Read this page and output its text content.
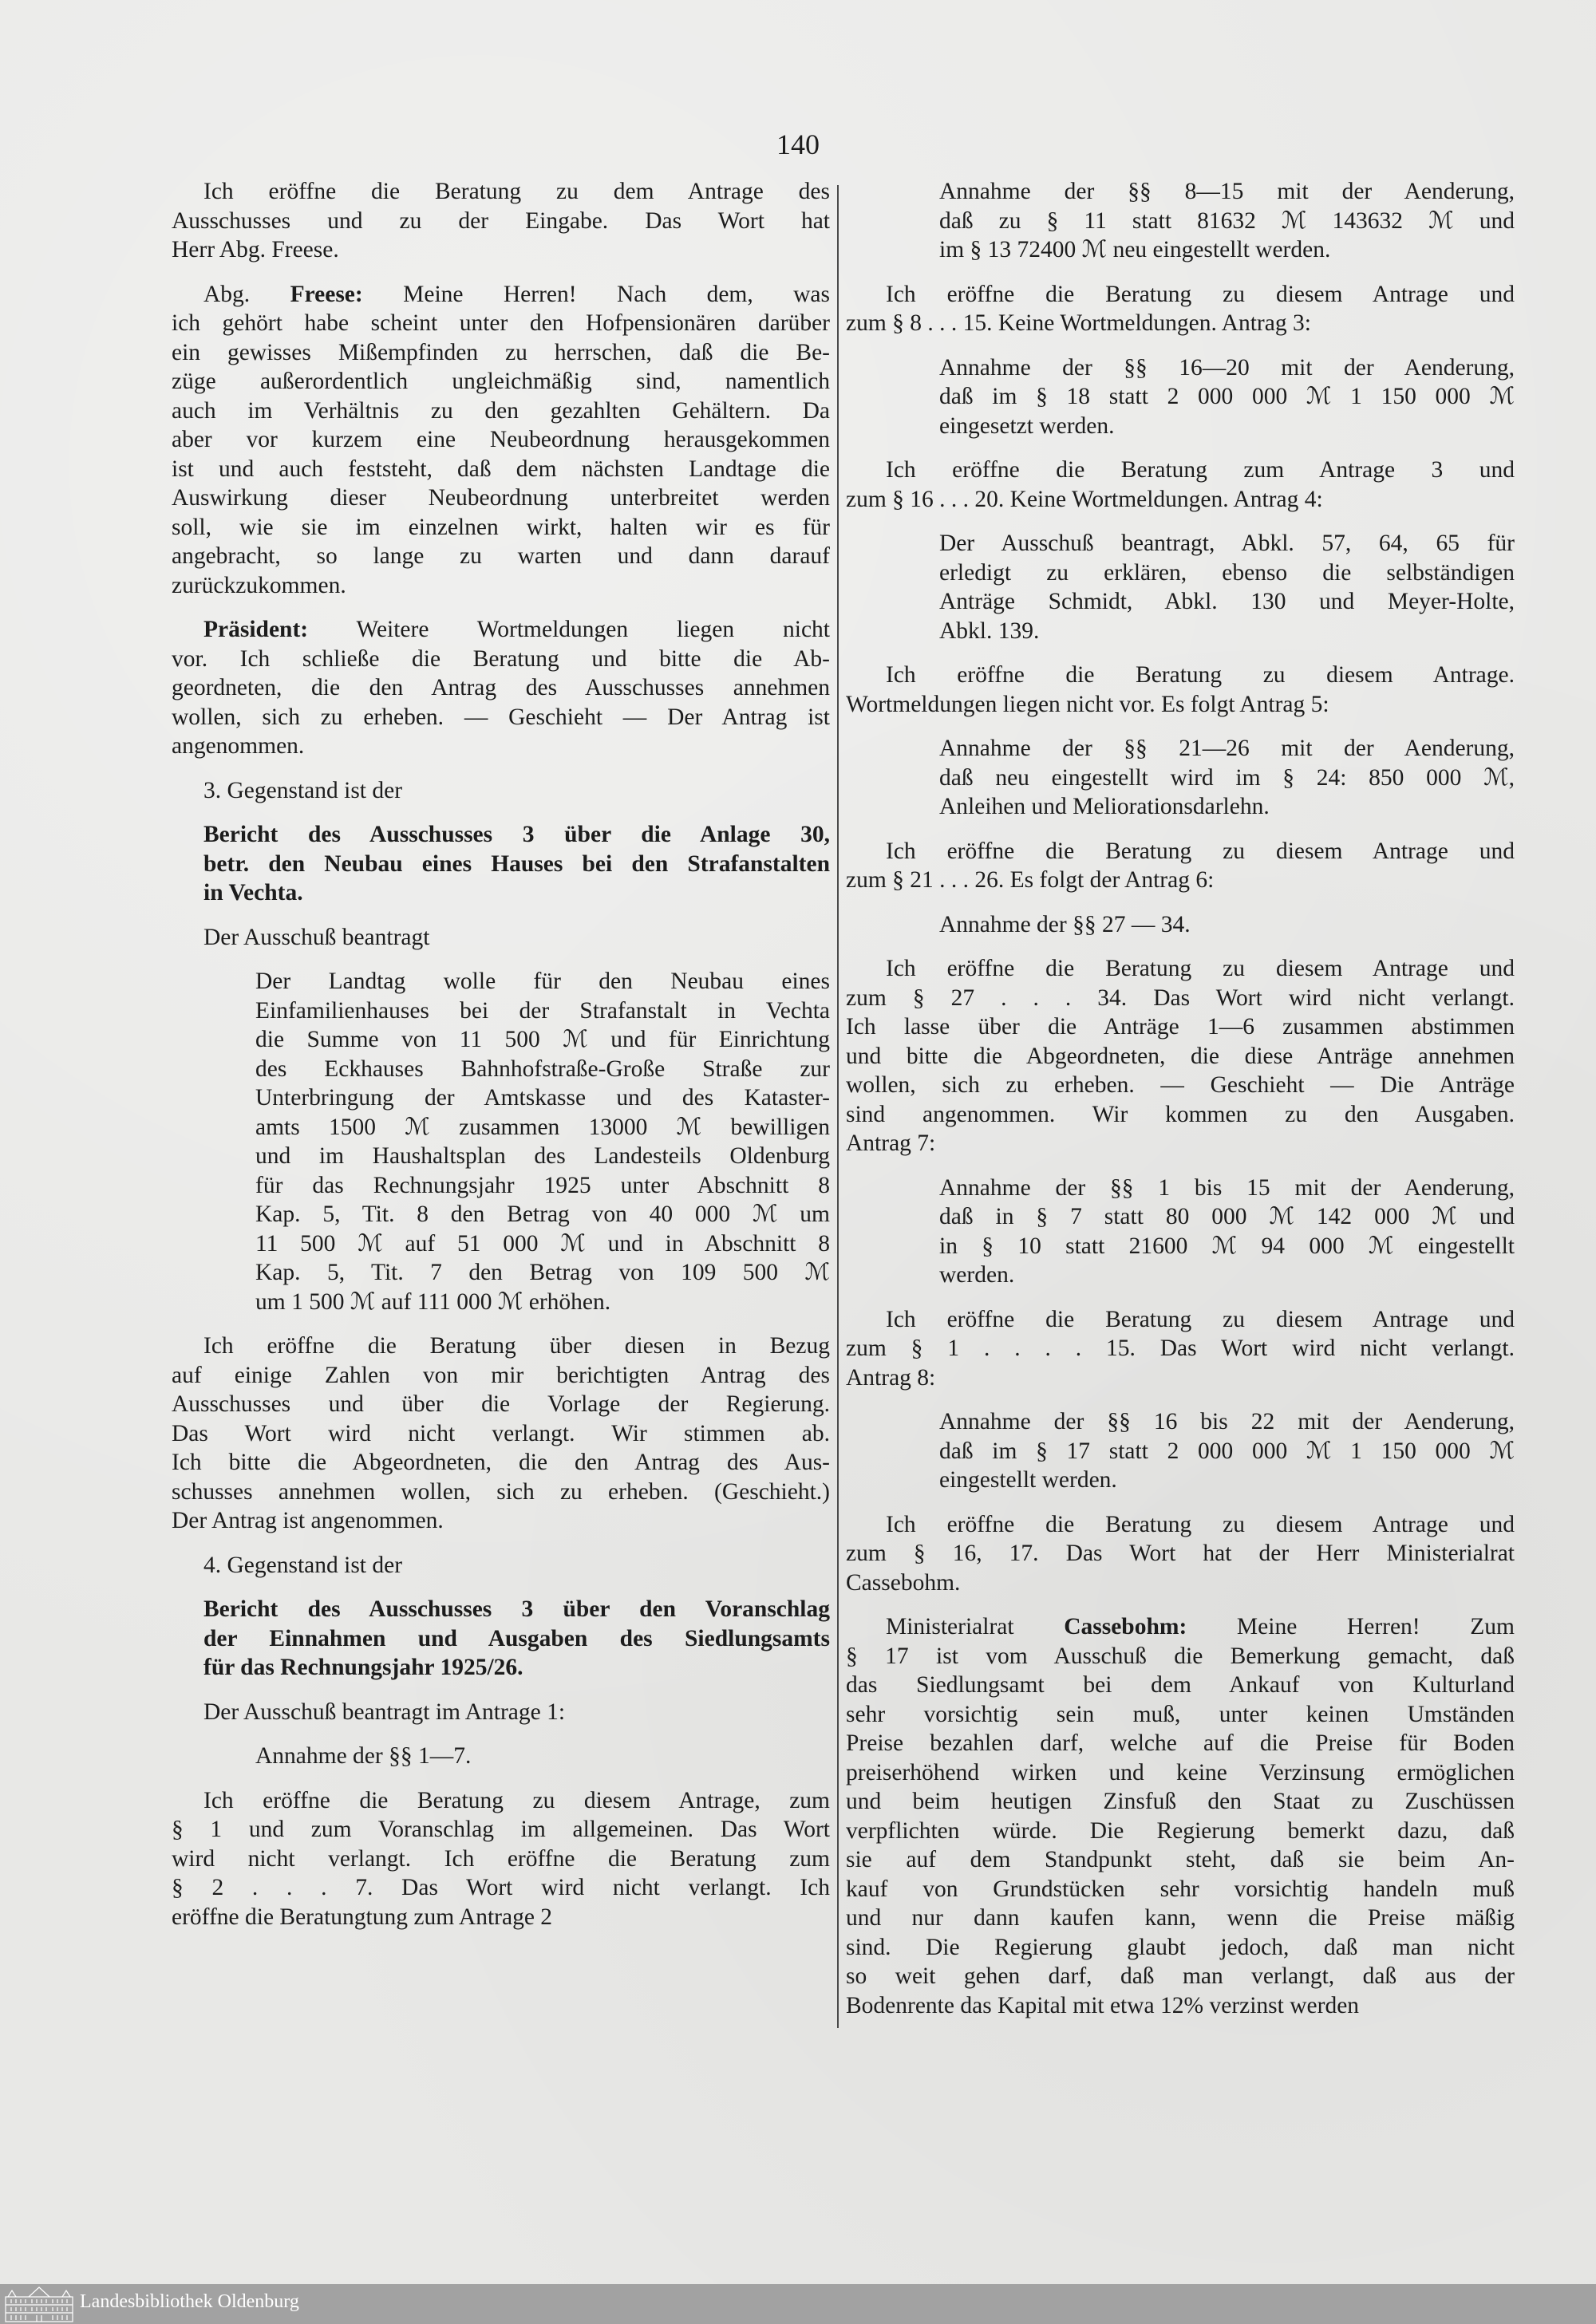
140
Ich eröffne die Beratung zu dem Antrage des
Ausschusses und zu der Eingabe. Das Wort hat
Herr Abg. Freese.
Abg. Freese: Meine Herren! Nach dem, was
ich gehört habe scheint unter den Hofpensionären darüber
ein gewisses Mißempfinden zu herrschen, daß die Be-
züge außerordentlich ungleichmäßig sind, namentlich
auch im Verhältnis zu den gezahlten Gehältern. Da
aber vor kurzem eine Neubeordnung herausgekommen
ist und auch feststeht, daß dem nächsten Landtage die
Auswirkung dieser Neubeordnung unterbreitet werden
soll, wie sie im einzelnen wirkt, halten wir es für
angebracht, so lange zu warten und dann darauf
zurückzukommen.
Präsident: Weitere Wortmeldungen liegen nicht
vor. Ich schließe die Beratung und bitte die Ab-
geordneten, die den Antrag des Ausschusses annehmen
wollen, sich zu erheben. — Geschieht — Der Antrag ist
angenommen.
3. Gegenstand ist der
Bericht des Ausschusses 3 über die Anlage 30,
betr. den Neubau eines Hauses bei den Strafanstalten
in Vechta.
Der Ausschuß beantragt
Der Landtag wolle für den Neubau eines
Einfamilienhauses bei der Strafanstalt in Vechta
die Summe von 11 500 ℳ und für Einrichtung
des Eckhauses Bahnhofstraße-Große Straße zur
Unterbringung der Amtskasse und des Kataster-
amts 1500 ℳ zusammen 13000 ℳ bewilligen
und im Haushaltsplan des Landesteils Oldenburg
für das Rechnungsjahr 1925 unter Abschnitt 8
Kap. 5, Tit. 8 den Betrag von 40 000 ℳ um
11 500 ℳ auf 51 000 ℳ und in Abschnitt 8
Kap. 5, Tit. 7 den Betrag von 109 500 ℳ
um 1 500 ℳ auf 111 000 ℳ erhöhen.
Ich eröffne die Beratung über diesen in Bezug
auf einige Zahlen von mir berichtigten Antrag des
Ausschusses und über die Vorlage der Regierung.
Das Wort wird nicht verlangt. Wir stimmen ab.
Ich bitte die Abgeordneten, die den Antrag des Aus-
schusses annehmen wollen, sich zu erheben. (Geschieht.)
Der Antrag ist angenommen.
4. Gegenstand ist der
Bericht des Ausschusses 3 über den Voranschlag
der Einnahmen und Ausgaben des Siedlungsamts
für das Rechnungsjahr 1925/26.
Der Ausschuß beantragt im Antrage 1:
Annahme der §§ 1—7.
Ich eröffne die Beratung zu diesem Antrage, zum
§ 1 und zum Voranschlag im allgemeinen. Das Wort
wird nicht verlangt. Ich eröffne die Beratung zum
§ 2 . . . 7. Das Wort wird nicht verlangt. Ich
eröffne die Beratungtung zum Antrage 2
Annahme der §§ 8—15 mit der Aenderung,
daß zu § 11 statt 81632 ℳ 143632 ℳ und
im § 13 72400 ℳ neu eingestellt werden.
Ich eröffne die Beratung zu diesem Antrage und
zum § 8 . . . 15. Keine Wortmeldungen. Antrag 3:
Annahme der §§ 16—20 mit der Aenderung,
daß im § 18 statt 2 000 000 ℳ 1 150 000 ℳ
eingesetzt werden.
Ich eröffne die Beratung zum Antrage 3 und
zum § 16 . . . 20. Keine Wortmeldungen. Antrag 4:
Der Ausschuß beantragt, Abkl. 57, 64, 65 für
erledigt zu erklären, ebenso die selbständigen
Anträge Schmidt, Abkl. 130 und Meyer-Holte,
Abkl. 139.
Ich eröffne die Beratung zu diesem Antrage.
Wortmeldungen liegen nicht vor. Es folgt Antrag 5:
Annahme der §§ 21—26 mit der Aenderung,
daß neu eingestellt wird im § 24: 850 000 ℳ,
Anleihen und Meliorationsdarlehn.
Ich eröffne die Beratung zu diesem Antrage und
zum § 21 . . . 26. Es folgt der Antrag 6:
Annahme der §§ 27 — 34.
Ich eröffne die Beratung zu diesem Antrage und
zum § 27 . . . 34. Das Wort wird nicht verlangt.
Ich lasse über die Anträge 1—6 zusammen abstimmen
und bitte die Abgeordneten, die diese Anträge annehmen
wollen, sich zu erheben. — Geschieht — Die Anträge
sind angenommen. Wir kommen zu den Ausgaben.
Antrag 7:
Annahme der §§ 1 bis 15 mit der Aenderung,
daß in § 7 statt 80 000 ℳ 142 000 ℳ und
in § 10 statt 21600 ℳ 94 000 ℳ eingestellt
werden.
Ich eröffne die Beratung zu diesem Antrage und
zum § 1 . . . . 15. Das Wort wird nicht verlangt.
Antrag 8:
Annahme der §§ 16 bis 22 mit der Aenderung,
daß im § 17 statt 2 000 000 ℳ 1 150 000 ℳ
eingestellt werden.
Ich eröffne die Beratung zu diesem Antrage und
zum § 16, 17. Das Wort hat der Herr Ministerialrat
Cassebohm.
Ministerialrat Cassebohm: Meine Herren! Zum
§ 17 ist vom Ausschuß die Bemerkung gemacht, daß
das Siedlungsamt bei dem Ankauf von Kulturland
sehr vorsichtig sein muß, unter keinen Umständen
Preise bezahlen darf, welche auf die Preise für Boden
preiserhöhend wirken und keine Verzinsung ermöglichen
und beim heutigen Zinsfuß den Staat zu Zuschüssen
verpflichten würde. Die Regierung bemerkt dazu, daß
sie auf dem Standpunkt steht, daß sie beim An-
kauf von Grundstücken sehr vorsichtig handeln muß
und nur dann kaufen kann, wenn die Preise mäßig
sind. Die Regierung glaubt jedoch, daß man nicht
so weit gehen darf, daß man verlangt, daß aus der
Bodenrente das Kapital mit etwa 12% verzinst werden
Landesbibliothek Oldenburg
